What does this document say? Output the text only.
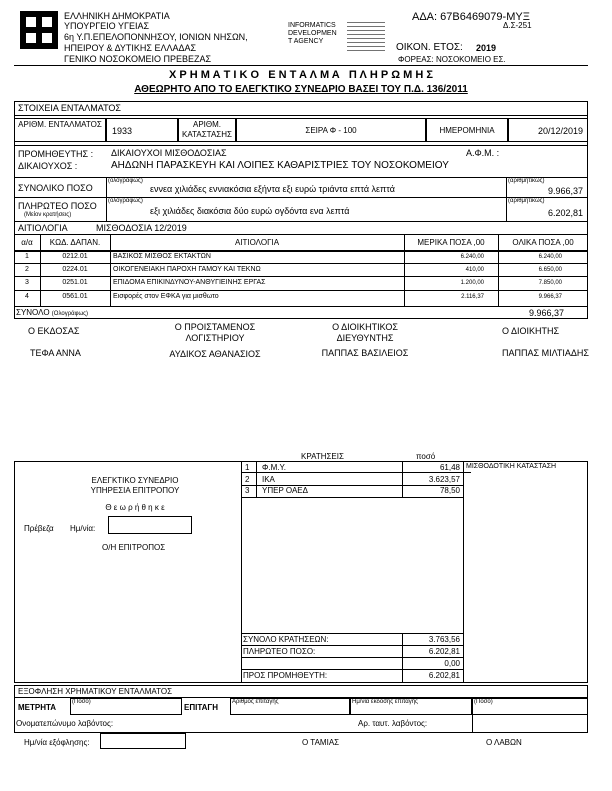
ΕΛΛΗΝΙΚΗ ΔΗΜΟΚΡΑΤΙΑ
ΥΠΟΥΡΓΕΙΟ ΥΓΕΙΑΣ
6η Υ.Π.ΕΠΕΛΟΠΟΝΝΗΣΟΥ, ΙΟΝΙΩΝ ΝΗΣΩΝ,
ΗΠΕΙΡΟΥ & ΔΥΤΙΚΗΣ ΕΛΛΑΔΑΣ
ΓΕΝΙΚΟ ΝΟΣΟΚΟΜΕΙΟ ΠΡΕΒΕΖΑΣ
INFORMATICS
DEVELOPMEN
T AGENCY
ΑΔΑ: 67Β6469079-ΜΥΞ
Δ.Σ-251
ΟΙΚΟΝ. ΕΤΟΣ: 2019
ΦΟΡΕΑΣ: ΝΟΣΟΚΟΜΕΙΟ ΕΣ.
Χ Ρ Η Μ Α Τ Ι Κ Ο   Ε Ν Τ Α Λ Μ Α   Π Λ Η Ρ Ω Μ Η Σ
ΑΘΕΩΡΗΤΟ ΑΠΟ ΤΟ ΕΛΕΓΚΤΙΚΟ ΣΥΝΕΔΡΙΟ ΒΑΣΕΙ ΤΟΥ Π.Δ. 136/2011
ΣΤΟΙΧΕΙΑ ΕΝΤΑΛΜΑΤΟΣ
ΑΡΙΘΜ. ΕΝΤΑΛΜΑΤΟΣ
1933
ΑΡΙΘΜ. ΚΑΤΑΣΤΑΣΗΣ	ΣΕΙΡΑ Φ - 100	ΗΜΕΡΟΜΗΝΙΑ	20/12/2019
ΠΡΟΜΗΘΕΥΤΗΣ : ΔΙΚΑΙΟΥΧΟΣ :
ΔΙΚΑΙΟΥΧΟΙ ΜΙΣΘΟΔΟΣΙΑΣ	Α.Φ.Μ. :
ΑΗΔΩΝΗ ΠΑΡΑΣΚΕΥΗ ΚΑΙ ΛΟΙΠΕΣ ΚΑΘΑΡΙΣΤΡΙΕΣ ΤΟΥ ΝΟΣΟΚΟΜΕΙΟΥ
ΣΥΝΟΛΙΚΟ ΠΟΣΟ
(ολογράφως)
εννεα χιλιάδες εννιακόσια εξήντα εξι ευρώ τριάντα επτά λεπτά
(αριθμητικώς)
9.966,37
ΠΛΗΡΩΤΕΟ ΠΟΣΟ
(Μείον κρατήσεις)
(ολογράφως)
εξι χιλιάδες διακόσια δύο ευρώ ογδόντα ενα λεπτά
(αριθμητικώς)
6.202,81
ΑΙΤΙΟΛΟΓΙΑ	ΜΙΣΘΟΔΟΣΙΑ 12/2019
α/α	ΚΩΔ. ΔΑΠΑΝ.	ΑΙΤΙΟΛΟΓΙΑ	ΜΕΡΙΚΑ ΠΟΣΑ ,00	ΟΛΙΚΑ ΠΟΣΑ ,00
1	0212.01	ΒΑΣΙΚΟΣ ΜΙΣΘΟΣ ΕΚΤΑΚΤΩΝ	6.240,00	6.240,00
2	0224.01	ΟΙΚΟΓΕΝΕΙΑΚΗ ΠΑΡΟΧΗ ΓΑΜΟΥ ΚΑΙ ΤΕΚΝΩ	410,00	6.650,00
3	0251.01	ΕΠΙΔΟΜΑ ΕΠΙΚΙΝΔΥΝΟΥ-ΑΝΘΥΓΙΕΙΝΗΣ ΕΡΓΑΣ	1.200,00	7.850,00
4	0561.01	Εισφορές στον ΕΦΚΑ για μισθωτο	2.116,37	9.966,37
ΣΥΝΟΛΟ (Ολογράφως)	9.966,37
Ο ΕΚΔΟΣΑΣ
ΤΕΦΑ ΑΝΝΑ
Ο ΠΡΟΙΣΤΑΜΕΝΟΣ
ΛΟΓΙΣΤΗΡΙΟΥ
ΑΥΔΙΚΟΣ ΑΘΑΝΑΣΙΟΣ
Ο ΔΙΟΙΚΗΤΙΚΟΣ
ΔΙΕΥΘΥΝΤΗΣ
ΠΑΠΠΑΣ ΒΑΣΙΛΕΙΟΣ
Ο ΔΙΟΙΚΗΤΗΣ
ΠΑΠΠΑΣ ΜΙΛΤΙΑΔΗΣ
ΚΡΑΤΗΣΕΙΣ	ποσό
ΕΛΕΓΚΤΙΚΟ ΣΥΝΕΔΡΙΟ
ΥΠΗΡΕΣΙΑ ΕΠΙΤΡΟΠΟΥ
Θ ε ω ρ ή θ η κ ε
Πρέβεζα Ημ/νία:
Ο/Η ΕΠΙΤΡΟΠΟΣ
1 Φ.Μ.Υ.	61,48 ΜΙΣΘΟΔΟΤΙΚΗ ΚΑΤΑΣΤΑΣΗ
2 ΙΚΑ	3.623,57
3 ΥΠΕΡ ΟΑΕΔ	78,50
ΣΥΝΟΛΟ ΚΡΑΤΗΣΕΩΝ:	3.763,56
ΠΛΗΡΩΤΕΟ ΠΟΣΟ:	6.202,81
0,00
ΠΡΟΣ ΠΡΟΜΗΘΕΥΤΗ:	6.202,81
ΕΞΟΦΛΗΣΗ ΧΡΗΜΑΤΙΚΟΥ ΕΝΤΑΛΜΑΤΟΣ
ΜΕΤΡΗΤΑ
(Ποσό)
ΕΠΙΤΑΓΗ
Αριθμός επιταγής	Ημ/νία έκδοσης επιταγής	(Ποσό)
Ονοματεπώνυμο λαβόντος:	Αρ. ταυτ. λαβόντος:
Ημ/νία εξόφλησης:	Ο ΤΑΜΙΑΣ	Ο ΛΑΒΩΝ
